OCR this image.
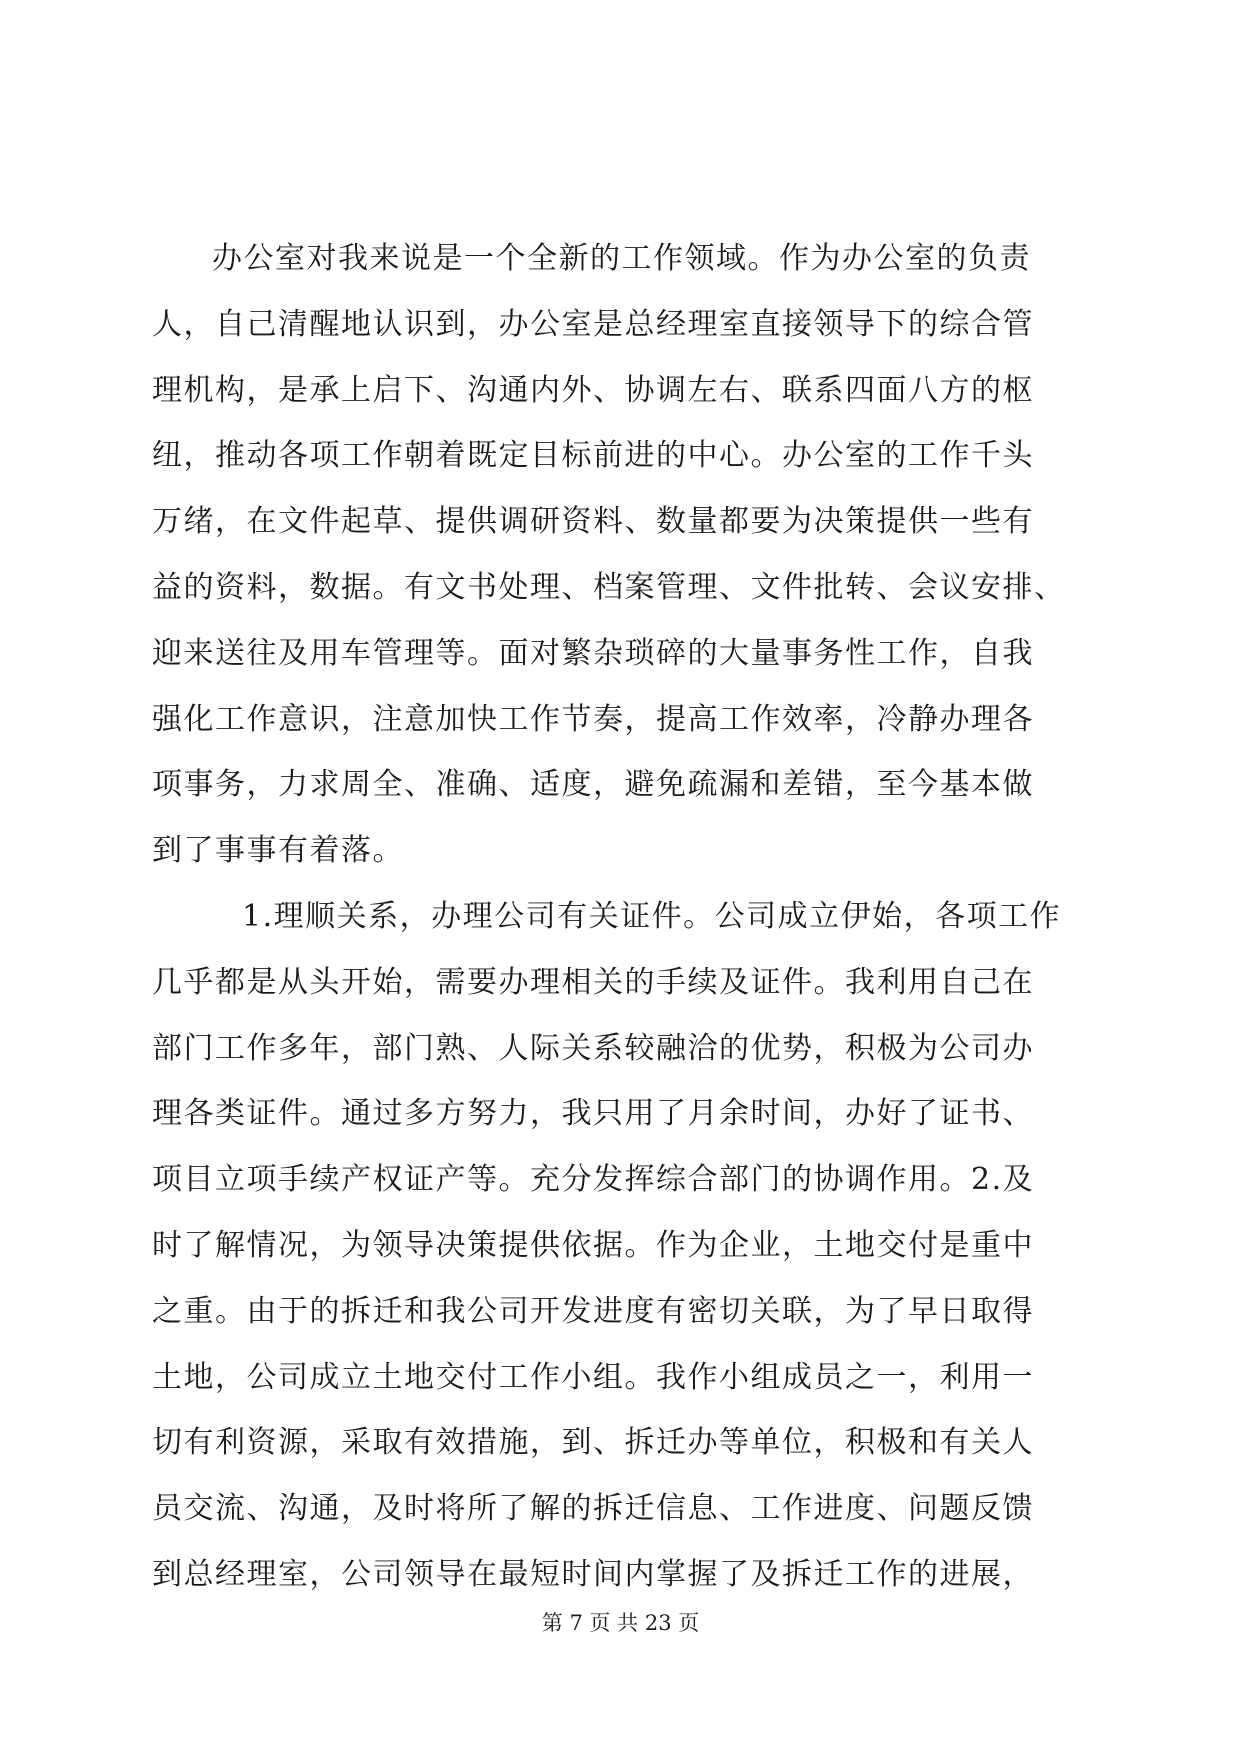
办公室对我来说是一个全新的工作领域。作为办公室的负责
人，自己清醒地认识到，办公室是总经理室直接领导下的综合管
理机构，是承上启下、沟通内外、协调左右、联系四面八方的枢
纽，推动各项工作朝着既定目标前进的中心。办公室的工作千头
万绪，在文件起草、提供调研资料、数量都要为决策提供一些有
益的资料，数据。有文书处理、档案管理、文件批转、会议安排、
迎来送往及用车管理等。面对繁杂琐碎的大量事务性工作，自我
强化工作意识，注意加快工作节奏，提高工作效率，冷静办理各
项事务，力求周全、准确、适度，避免疏漏和差错，至今基本做
到了事事有着落。
1.理顺关系，办理公司有关证件。公司成立伊始，各项工作
几乎都是从头开始，需要办理相关的手续及证件。我利用自己在
部门工作多年，部门熟、人际关系较融洽的优势，积极为公司办
理各类证件。通过多方努力，我只用了月余时间，办好了证书、
项目立项手续产权证产等。充分发挥综合部门的协调作用。2.及
时了解情况，为领导决策提供依据。作为企业，土地交付是重中
之重。由于的拆迁和我公司开发进度有密切关联，为了早日取得
土地，公司成立土地交付工作小组。我作小组成员之一，利用一
切有利资源，采取有效措施，到、拆迁办等单位，积极和有关人
员交流、沟通，及时将所了解的拆迁信息、工作进度、问题反馈
到总经理室，公司领导在最短时间内掌握了及拆迁工作的进展，
第 7 页 共 23 页
